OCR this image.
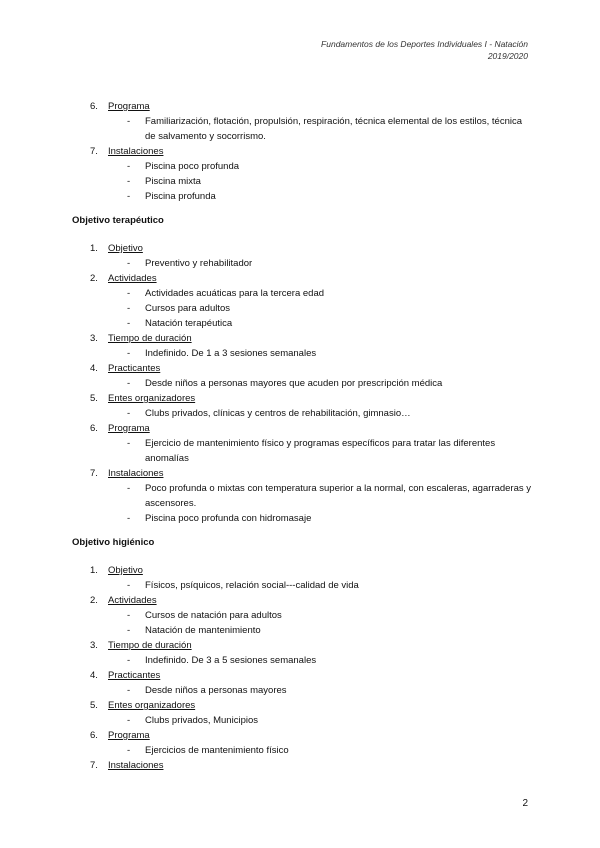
Fundamentos de los Deportes Individuales I - Natación
2019/2020
6. Programa
- Familiarización, flotación, propulsión, respiración, técnica elemental de los estilos, técnica de salvamento y socorrismo.
7. Instalaciones
- Piscina poco profunda
- Piscina mixta
- Piscina profunda
Objetivo terapéutico
1. Objetivo
- Preventivo y rehabilitador
2. Actividades
- Actividades acuáticas para la tercera edad
- Cursos para adultos
- Natación terapéutica
3. Tiempo de duración
- Indefinido. De 1 a 3 sesiones semanales
4. Practicantes
- Desde niños a personas mayores que acuden por prescripción médica
5. Entes organizadores
- Clubs privados, clínicas y centros de rehabilitación, gimnasio…
6. Programa
- Ejercicio de mantenimiento físico y programas específicos para tratar las diferentes anomalías
7. Instalaciones
- Poco profunda o mixtas con temperatura superior a la normal, con escaleras, agarraderas y ascensores.
- Piscina poco profunda con hidromasaje
Objetivo higiénico
1. Objetivo
- Físicos, psíquicos, relación social---calidad de vida
2. Actividades
- Cursos de natación para adultos
- Natación de mantenimiento
3. Tiempo de duración
- Indefinido. De 3 a 5 sesiones semanales
4. Practicantes
- Desde niños a personas mayores
5. Entes organizadores
- Clubs privados, Municipios
6. Programa
- Ejercicios de mantenimiento físico
7. Instalaciones
2
